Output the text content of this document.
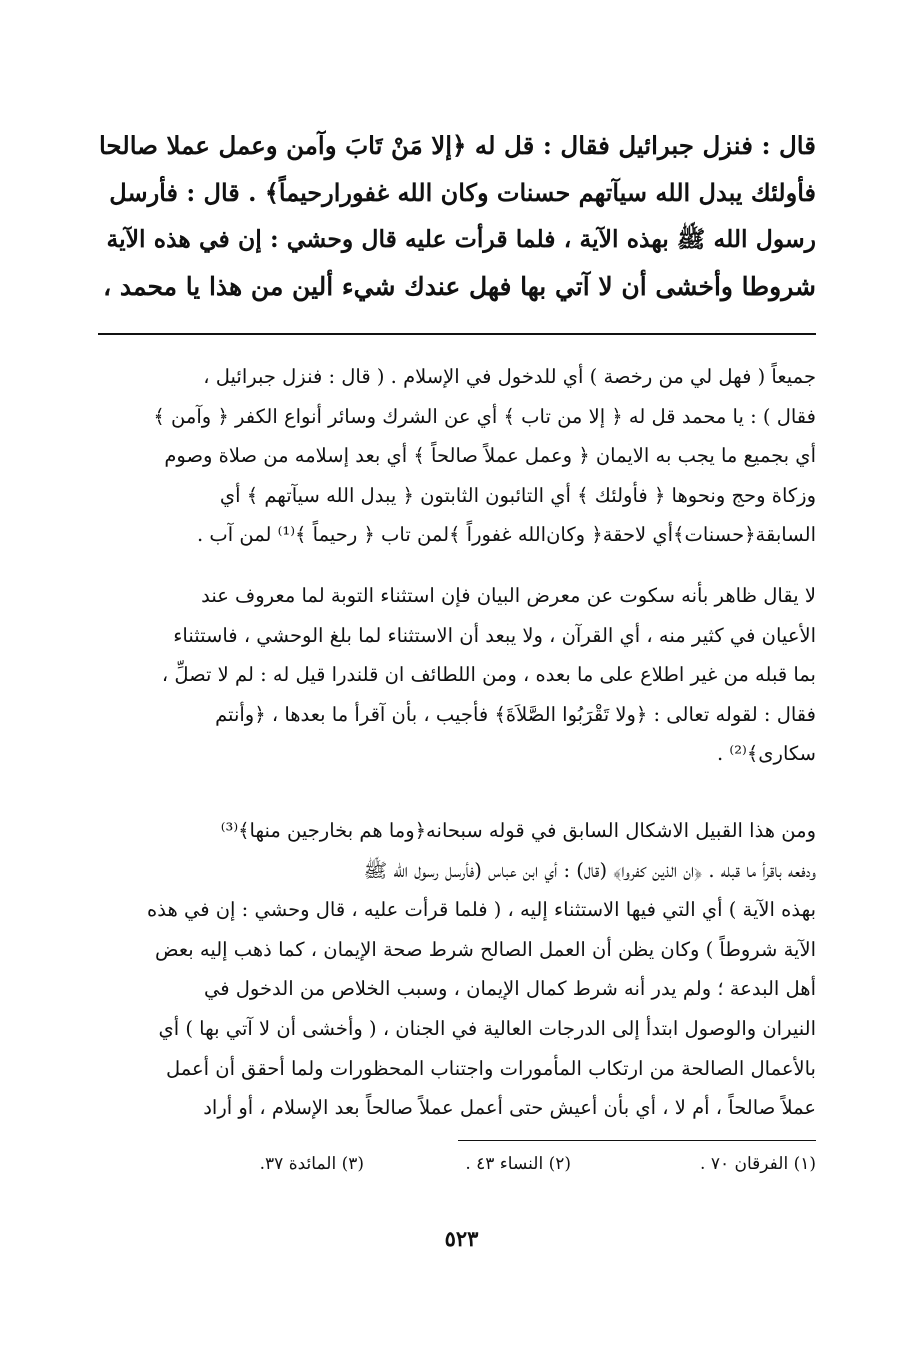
قال : فنزل جبرائيل فقال : قل له ﴿إلا مَنْ تَابَ وآمن وعمل عملا صالحا
فأولئك يبدل الله سيآتهم حسنات وكان الله غفورارحيماً﴾ . قال : فأرسل
رسول الله ﷺ بهذه الآية ، فلما قرأت عليه قال وحشي : إن في هذه الآية
شروطا وأخشى أن لا آتي بها فهل عندك شيء ألين من هذا يا محمد ،
جميعاً ( فهل لي من رخصة ) أي للدخول في الإسلام . ( قال : فنزل جبرائيل ،
فقال ) : يا محمد قل له ﴿ إلا من تاب ﴾ أي عن الشرك وسائر أنواع الكفر ﴿ وآمن ﴾
أي بجميع ما يجب به الايمان ﴿ وعمل عملاً صالحاً ﴾ أي بعد إسلامه من صلاة وصوم
وزكاة وحج ونحوها ﴿ فأولئك ﴾ أي التائبون الثابتون ﴿ يبدل الله سيآتهم ﴾ أي
السابقة﴿حسنات﴾أي لاحقة﴿ وكان‌الله غفوراً ﴾لمن تاب ﴿ رحيماً ﴾⁽¹⁾ لمن آب .
لا يقال ظاهر بأنه سكوت عن معرض البيان فإن استثناء التوبة لما معروف عند
الأعيان في كثير منه ، أي القرآن ، ولا يبعد أن الاستثناء لما بلغ الوحشي ، فاستثناء
بما قبله من غير اطلاع على ما بعده ، ومن اللطائف ان قلندرا قيل له : لم لا تصلِّ ،
فقال : لقوله تعالى : ﴿ولا تَقْرَبُوا الصَّلاَةَ﴾ فأجيب ، بأن آقرأ ما بعدها ، ﴿وأنتم
سكارى﴾⁽²⁾ .
ومن هذا القبيل الاشكال السابق في قوله سبحانه﴿وما هم بخارجين منها﴾⁽³⁾
ودفعه باقرأ ما قبله . ﴿ان الذين كفروا﴾ (قال) : أي ابن عباس (فأرسل رسول الله ﷺ
بهذه الآية ) أي التي فيها الاستثناء إليه ، ( فلما قرأت عليه ، قال وحشي : إن في هذه
الآية شروطاً ) وكان يظن أن العمل الصالح شرط صحة الإيمان ، كما ذهب إليه بعض
أهل البدعة ؛ ولم يدر أنه شرط كمال الإيمان ، وسبب الخلاص من الدخول في
النيران والوصول ابتدأ إلى الدرجات العالية في الجنان ، ( وأخشى أن لا آتي بها ) أي
بالأعمال الصالحة من ارتكاب المأمورات واجتناب المحظورات ولما أحقق أن أعمل
عملاً صالحاً ، أم لا ، أي بأن أعيش حتى أعمل عملاً صالحاً بعد الإسلام ، أو أراد
(١) الفرقان ٧٠ .
(٢) النساء ٤٣ .
(٣) المائدة ٣٧.
٥٢٣
